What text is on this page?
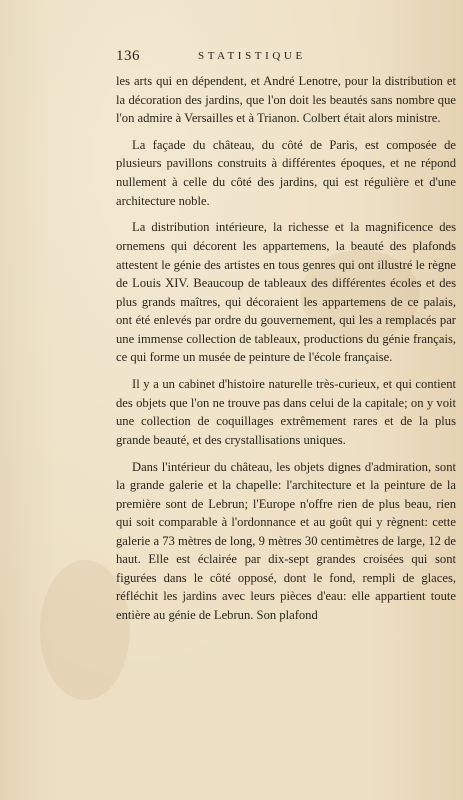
136	STATISTIQUE

les arts qui en dépendent, et André Lenotre, pour la distribution et la décoration des jardins, que l'on doit les beautés sans nombre que l'on admire à Versailles et à Trianon. Colbert était alors ministre.

La façade du château, du côté de Paris, est composée de plusieurs pavillons construits à différentes époques, et ne répond nullement à celle du côté des jardins, qui est régulière et d'une architecture noble.

La distribution intérieure, la richesse et la magnificence des ornemens qui décorent les appartemens, la beauté des plafonds attestent le génie des artistes en tous genres qui ont illustré le règne de Louis XIV. Beaucoup de tableaux des différentes écoles et des plus grands maîtres, qui décoraient les appartemens de ce palais, ont été enlevés par ordre du gouvernement, qui les a remplacés par une immense collection de tableaux, productions du génie français, ce qui forme un musée de peinture de l'école française.

Il y a un cabinet d'histoire naturelle très-curieux, et qui contient des objets que l'on ne trouve pas dans celui de la capitale; on y voit une collection de coquillages extrêmement rares et de la plus grande beauté, et des crystallisations uniques.

Dans l'intérieur du château, les objets dignes d'admiration, sont la grande galerie et la chapelle: l'architecture et la peinture de la première sont de Lebrun; l'Europe n'offre rien de plus beau, rien qui soit comparable à l'ordonnance et au goût qui y règnent: cette galerie a 73 mètres de long, 9 mètres 30 centimètres de large, 12 de haut. Elle est éclairée par dix-sept grandes croisées qui sont figurées dans le côté opposé, dont le fond, rempli de glaces, réfléchit les jardins avec leurs pièces d'eau: elle appartient toute entière au génie de Lebrun. Son plafond
